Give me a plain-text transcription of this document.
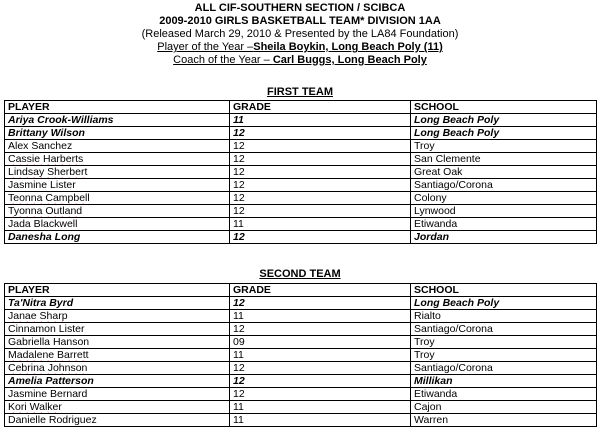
ALL CIF-SOUTHERN SECTION / SCIBCA
2009-2010 GIRLS BASKETBALL TEAM* DIVISION 1AA
(Released March 29, 2010 & Presented by the LA84 Foundation)
Player of the Year –Sheila Boykin, Long Beach Poly (11)
Coach of the Year – Carl Buggs, Long Beach Poly
FIRST TEAM
PLAYER	GRADE	SCHOOL
Ariya Crook-Williams	11	Long Beach Poly
Brittany Wilson	12	Long Beach Poly
Alex Sanchez	12	Troy
Cassie Harberts	12	San Clemente
Lindsay Sherbert	12	Great Oak
Jasmine Lister	12	Santiago/Corona
Teonna Campbell	12	Colony
Tyonna Outland	12	Lynwood
Jada Blackwell	11	Etiwanda
Danesha Long	12	Jordan
SECOND TEAM
PLAYER	GRADE	SCHOOL
Ta'Nitra Byrd	12	Long Beach Poly
Janae Sharp	11	Rialto
Cinnamon Lister	12	Santiago/Corona
Gabriella Hanson	09	Troy
Madalene Barrett	11	Troy
Cebrina Johnson	12	Santiago/Corona
Amelia Patterson	12	Millikan
Jasmine Bernard	12	Etiwanda
Kori Walker	11	Cajon
Danielle Rodriguez	11	Warren
